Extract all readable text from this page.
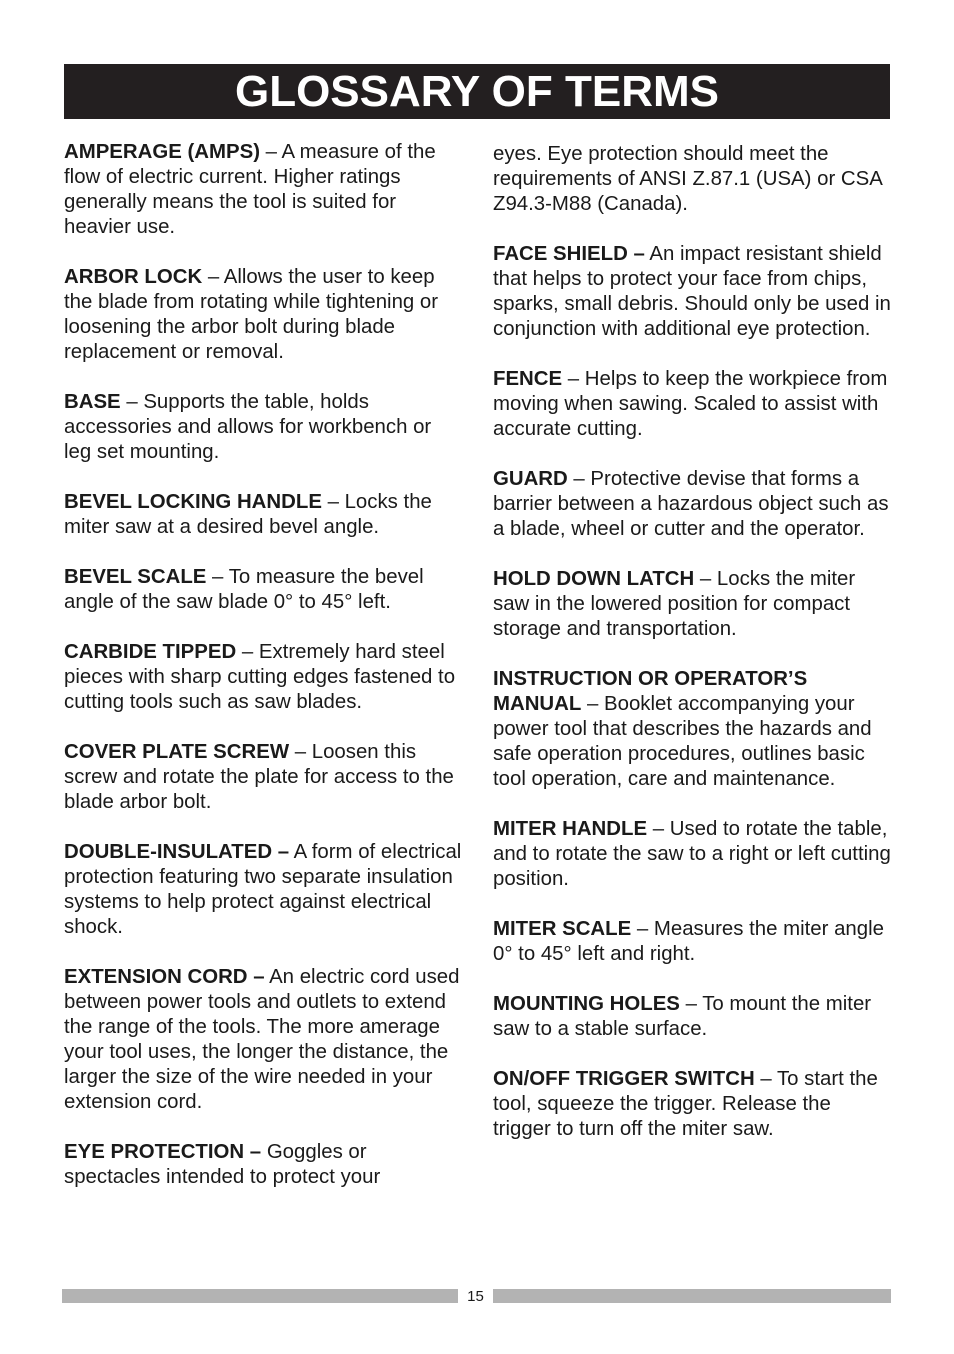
GLOSSARY OF TERMS

AMPERAGE (AMPS) – A measure of the flow of electric current. Higher ratings generally means the tool is suited for heavier use.

ARBOR LOCK – Allows the user to keep the blade from rotating while tightening or loosening the arbor bolt during blade replacement or removal.

BASE – Supports the table, holds accessories and allows for workbench or leg set mounting.

BEVEL LOCKING HANDLE – Locks the miter saw at a desired bevel angle.

BEVEL SCALE – To measure the bevel angle of the saw blade 0° to 45° left.

CARBIDE TIPPED – Extremely hard steel pieces with sharp cutting edges fastened to cutting tools such as saw blades.

COVER PLATE SCREW – Loosen this screw and rotate the plate for access to the blade arbor bolt.

DOUBLE-INSULATED – A form of electrical protection featuring two separate insulation systems to help protect against electrical shock.

EXTENSION CORD – An electric cord used between power tools and outlets to extend the range of the tools. The more amerage your tool uses, the longer the distance, the larger the size of the wire needed in your extension cord.

EYE PROTECTION – Goggles or spectacles intended to protect your

eyes. Eye protection should meet the requirements of ANSI Z.87.1 (USA) or CSA Z94.3-M88 (Canada).

FACE SHIELD – An impact resistant shield that helps to protect your face from chips, sparks, small debris. Should only be used in conjunction with additional eye protection.

FENCE – Helps to keep the workpiece from moving when sawing. Scaled to assist with accurate cutting.

GUARD – Protective devise that forms a barrier between a hazardous object such as a blade, wheel or cutter and the operator.

HOLD DOWN LATCH – Locks the miter saw in the lowered position for compact storage and transportation.

INSTRUCTION OR OPERATOR’S MANUAL – Booklet accompanying your power tool that describes the hazards and safe operation procedures, outlines basic tool operation, care and maintenance.

MITER HANDLE – Used to rotate the table, and to rotate the saw to a right or left cutting position.

MITER SCALE – Measures the miter angle 0° to 45° left and right.

MOUNTING HOLES – To mount the miter saw to a stable surface.

ON/OFF TRIGGER SWITCH – To start the tool, squeeze the trigger. Release the trigger to turn off the miter saw.

15
